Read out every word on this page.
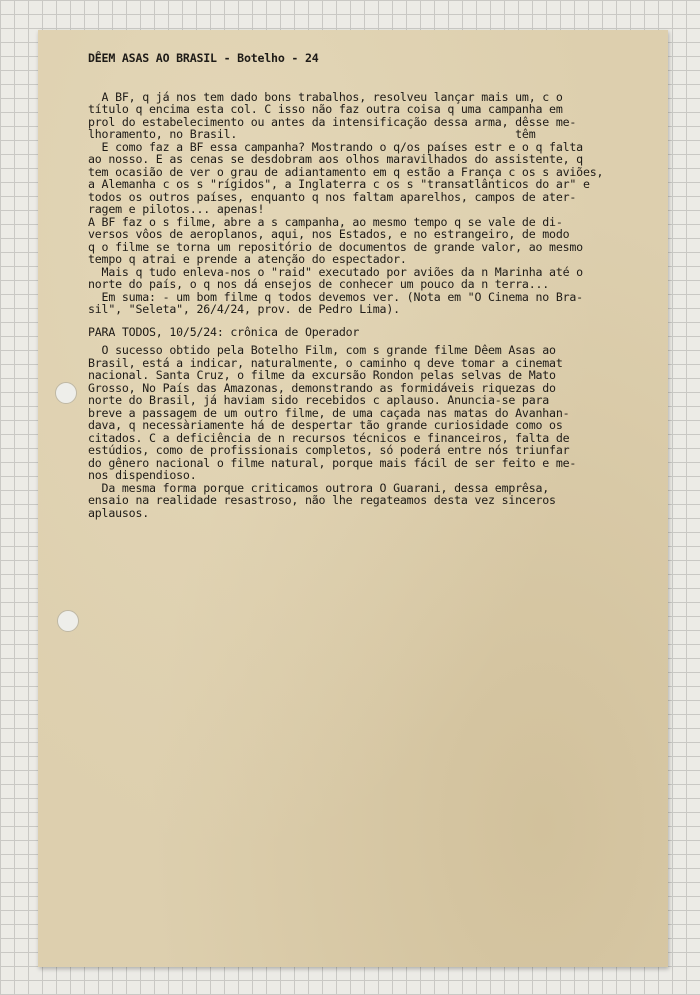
DÊEM ASAS AO BRASIL - Botelho - 24
A BF, q já nos tem dado bons trabalhos, resolveu lançar mais um, c o
título q encima esta col. C isso não faz outra coisa q uma campanha em
prol do estabelecimento ou antes da intensificação dessa arma, dêsse me-
lhoramento, no Brasil.                                         têm
E como faz a BF essa campanha? Mostrando o q/os países estr e o q falta
ao nosso. E as cenas se desdobram aos olhos maravilhados do assistente, q
tem ocasião de ver o grau de adiantamento em q estão a França c os s aviões,
a Alemanha c os s "rígidos", a Inglaterra c os s "transatlânticos do ar" e
todos os outros países, enquanto q nos faltam aparelhos, campos de ater-
ragem e pilotos... apenas!
A BF faz o s filme, abre a s campanha, ao mesmo tempo q se vale de di-
versos vôos de aeroplanos, aqui, nos Estados, e no estrangeiro, de modo
q o filme se torna um repositório de documentos de grande valor, ao mesmo
tempo q atrai e prende a atenção do espectador.
Mais q tudo enleva-nos o "raid" executado por aviões da n Marinha até o
norte do país, o q nos dá ensejos de conhecer um pouco da n terra...
Em suma: - um bom filme q todos devemos ver. (Nota em "O Cinema no Bra-
sil", "Seleta", 26/4/24, prov. de Pedro Lima).
PARA TODOS, 10/5/24: crônica de Operador
O sucesso obtido pela Botelho Film, com s grande filme Dêem Asas ao
Brasil, está a indicar, naturalmente, o caminho q deve tomar a cinemat
nacional. Santa Cruz, o filme da excursão Rondon pelas selvas de Mato
Grosso, No País das Amazonas, demonstrando as formidáveis riquezas do
norte do Brasil, já haviam sido recebidos c aplauso. Anuncia-se para
breve a passagem de um outro filme, de uma caçada nas matas do Avanhan-
dava, q necessàriamente há de despertar tão grande curiosidade como os
citados. C a deficiência de n recursos técnicos e financeiros, falta de
estúdios, como de profissionais completos, só poderá entre nós triunfar
do gênero nacional o filme natural, porque mais fácil de ser feito e me-
nos dispendioso.
Da mesma forma porque criticamos outrora O Guarani, dessa emprêsa,
ensaio na realidade resastroso, não lhe regateamos desta vez sinceros
aplausos.
